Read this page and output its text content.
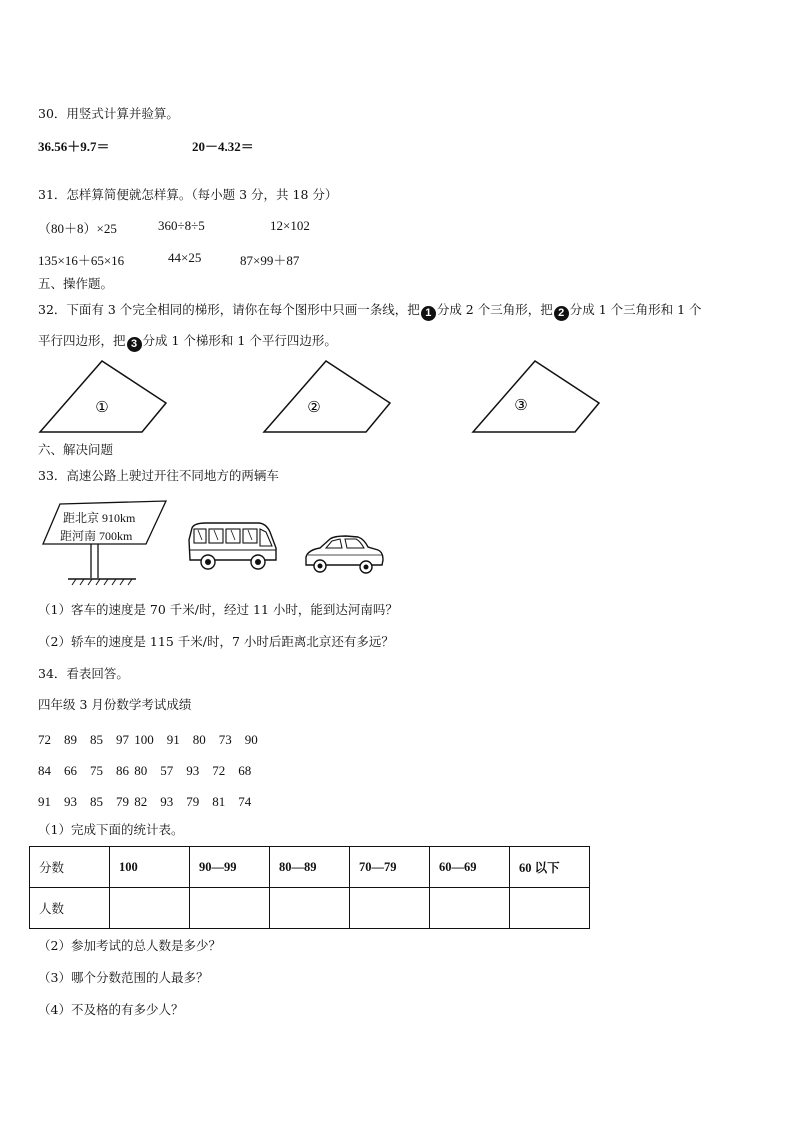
30．用竖式计算并验算。
36.56＋9.7＝	20－4.32＝
31．怎样算简便就怎样算。（每小题 3 分，共 18 分）
（80＋8）×25	360÷8÷5	12×102
135×16＋65×16	44×25	87×99＋87
五、操作题。
32．下面有 3 个完全相同的梯形，请你在每个图形中只画一条线，把 1 分成 2 个三角形，把 2 分成 1 个三角形和 1 个
平行四边形，把 3 分成 1 个梯形和 1 个平行四边形。
①	②	③
六、解决问题
33．高速公路上驶过开往不同地方的两辆车
距北京 910km
距河南 700km
（1）客车的速度是 70 千米/时，经过 11 小时，能到达河南吗？
（2）轿车的速度是 115 千米/时，7 小时后距离北京还有多远？
34．看表回答。
四年级 3 月份数学考试成绩
72　89　85　97 100　91　80　73　90
84　66　75　86 80　57　93　72　68
91　93　85　79 82　93　79　81　74
（1）完成下面的统计表。
分数	100	90—99	80—89	70—79	60—69	60 以下
人数						
（2）参加考试的总人数是多少？
（3）哪个分数范围的人最多？
（4）不及格的有多少人？
